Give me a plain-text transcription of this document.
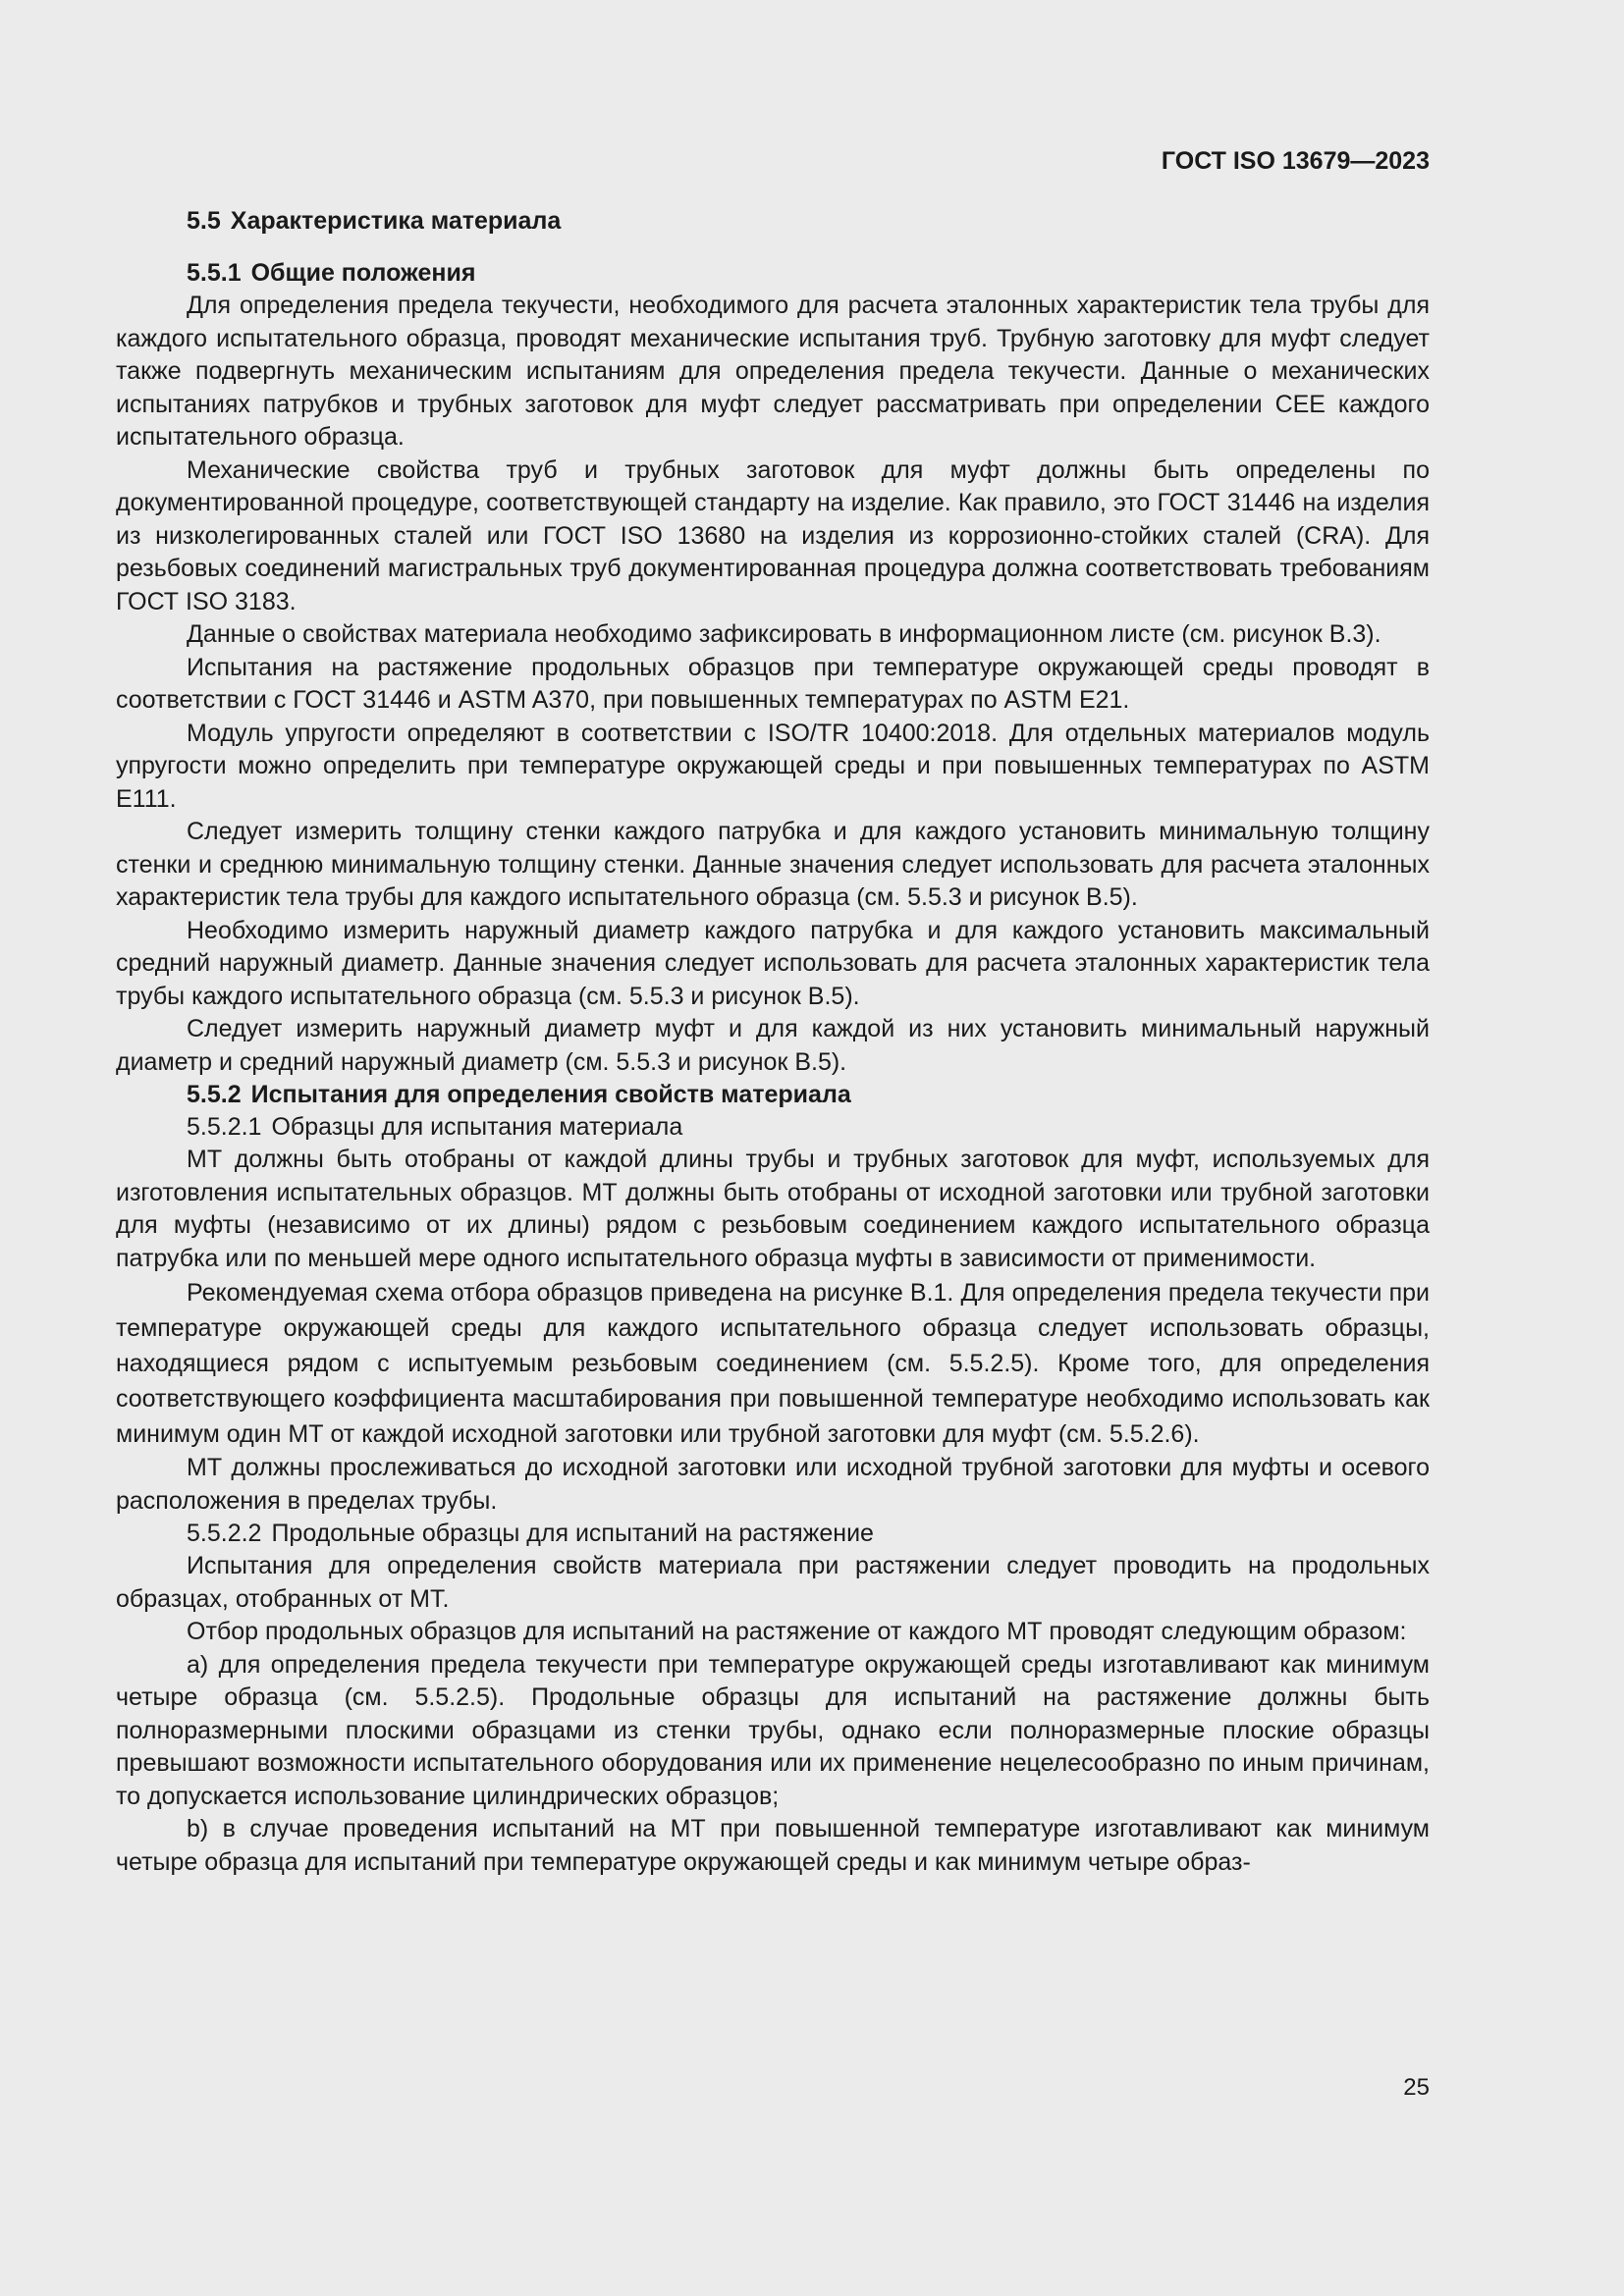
ГОСТ ISO 13679—2023
5.5 Характеристика материала
5.5.1 Общие положения

Для определения предела текучести, необходимого для расчета эталонных характеристик тела трубы для каждого испытательного образца, проводят механические испытания труб. Трубную заготовку для муфт следует также подвергнуть механическим испытаниям для определения предела текучести. Данные о механических испытаниях патрубков и трубных заготовок для муфт следует рассматривать при определении CEE каждого испытательного образца.

Механические свойства труб и трубных заготовок для муфт должны быть определены по документированной процедуре, соответствующей стандарту на изделие. Как правило, это ГОСТ 31446 на изделия из низколегированных сталей или ГОСТ ISO 13680 на изделия из коррозионно-стойких сталей (CRA). Для резьбовых соединений магистральных труб документированная процедура должна соответствовать требованиям ГОСТ ISO 3183.

Данные о свойствах материала необходимо зафиксировать в информационном листе (см. рисунок B.3).

Испытания на растяжение продольных образцов при температуре окружающей среды проводят в соответствии с ГОСТ 31446 и ASTM A370, при повышенных температурах по ASTM E21.

Модуль упругости определяют в соответствии с ISO/TR 10400:2018. Для отдельных материалов модуль упругости можно определить при температуре окружающей среды и при повышенных температурах по ASTM E111.

Следует измерить толщину стенки каждого патрубка и для каждого установить минимальную толщину стенки и среднюю минимальную толщину стенки. Данные значения следует использовать для расчета эталонных характеристик тела трубы для каждого испытательного образца (см. 5.5.3 и рисунок B.5).

Необходимо измерить наружный диаметр каждого патрубка и для каждого установить максимальный средний наружный диаметр. Данные значения следует использовать для расчета эталонных характеристик тела трубы каждого испытательного образца (см. 5.5.3 и рисунок B.5).

Следует измерить наружный диаметр муфт и для каждой из них установить минимальный наружный диаметр и средний наружный диаметр (см. 5.5.3 и рисунок B.5).

5.5.2 Испытания для определения свойств материала
5.5.2.1 Образцы для испытания материала

МТ должны быть отобраны от каждой длины трубы и трубных заготовок для муфт, используемых для изготовления испытательных образцов. МТ должны быть отобраны от исходной заготовки или трубной заготовки для муфты (независимо от их длины) рядом с резьбовым соединением каждого испытательного образца патрубка или по меньшей мере одного испытательного образца муфты в зависимости от применимости.

Рекомендуемая схема отбора образцов приведена на рисунке B.1. Для определения предела текучести при температуре окружающей среды для каждого испытательного образца следует использовать образцы, находящиеся рядом с испытуемым резьбовым соединением (см. 5.5.2.5). Кроме того, для определения соответствующего коэффициента масштабирования при повышенной температуре необходимо использовать как минимум один МТ от каждой исходной заготовки или трубной заготовки для муфт (см. 5.5.2.6).

МТ должны прослеживаться до исходной заготовки или исходной трубной заготовки для муфты и осевого расположения в пределах трубы.

5.5.2.2 Продольные образцы для испытаний на растяжение

Испытания для определения свойств материала при растяжении следует проводить на продольных образцах, отобранных от МТ.

Отбор продольных образцов для испытаний на растяжение от каждого МТ проводят следующим образом:

a) для определения предела текучести при температуре окружающей среды изготавливают как минимум четыре образца (см. 5.5.2.5). Продольные образцы для испытаний на растяжение должны быть полноразмерными плоскими образцами из стенки трубы, однако если полноразмерные плоские образцы превышают возможности испытательного оборудования или их применение нецелесообразно по иным причинам, то допускается использование цилиндрических образцов;

b) в случае проведения испытаний на МТ при повышенной температуре изготавливают как минимум четыре образца для испытаний при температуре окружающей среды и как минимум четыре образ-

25
